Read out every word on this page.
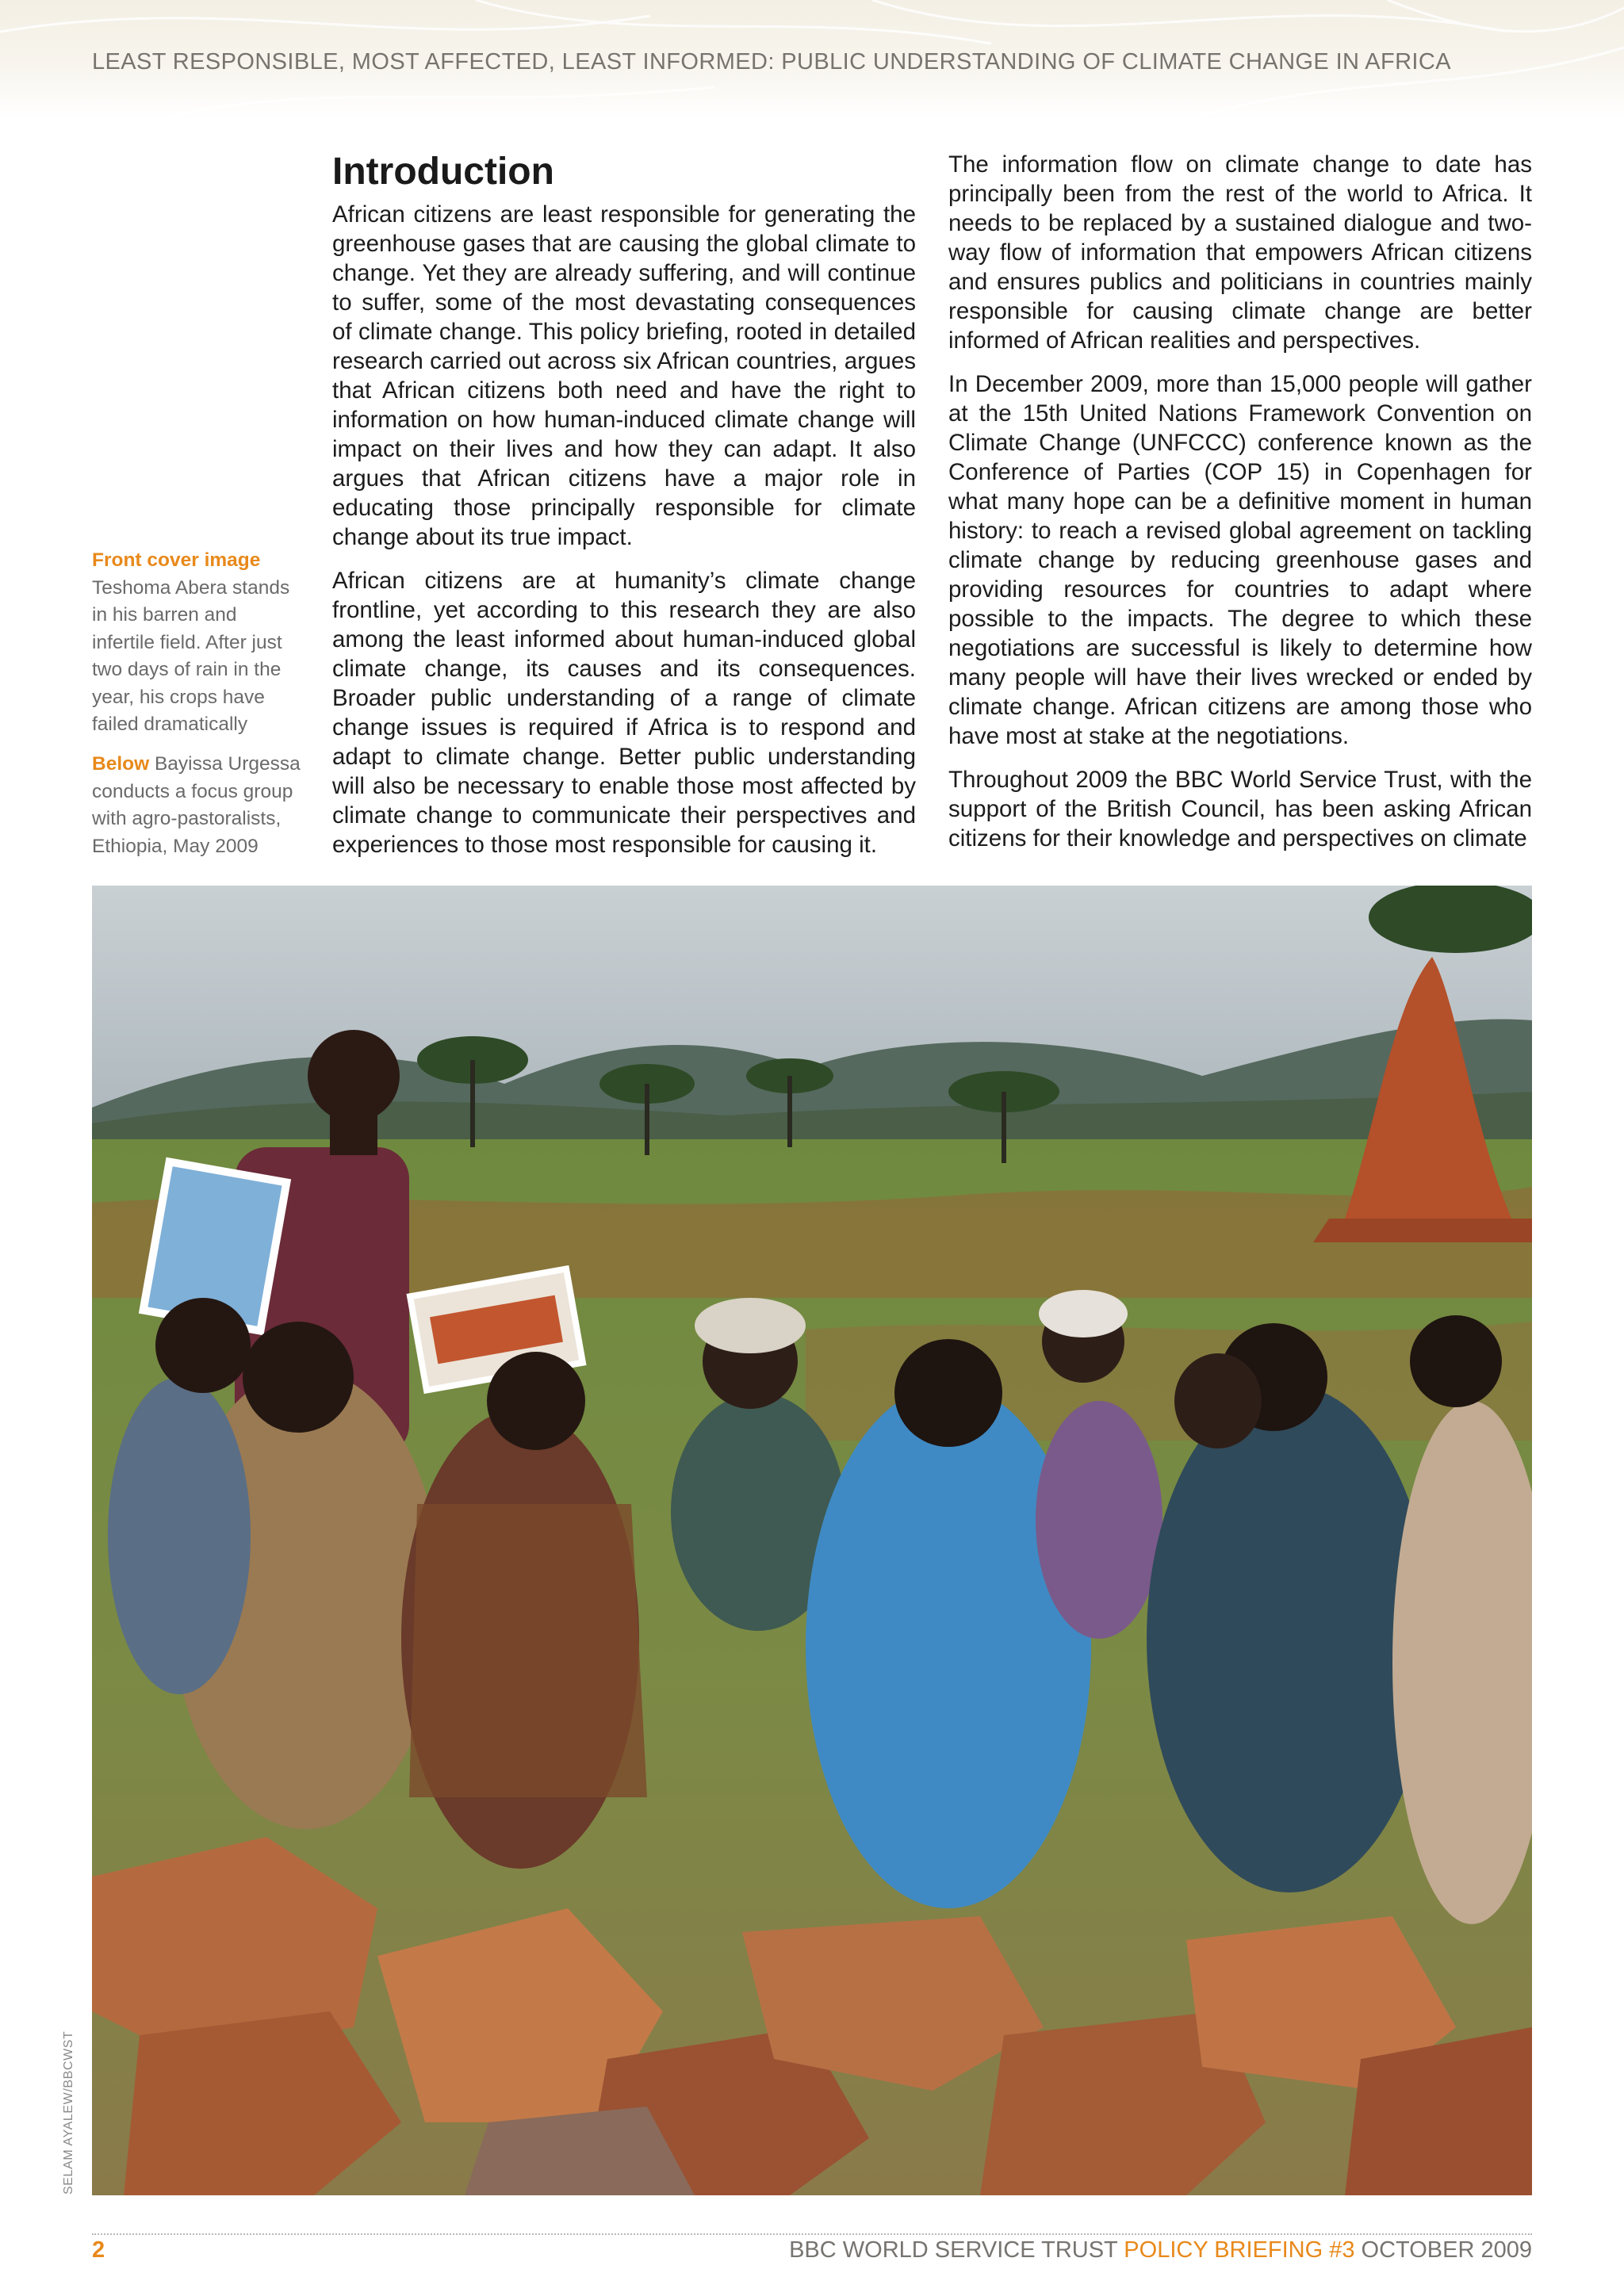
LEAST RESPONSIBLE, MOST AFFECTED, LEAST INFORMED: PUBLIC UNDERSTANDING OF CLIMATE CHANGE IN AFRICA
Front cover image
Teshoma Abera stands in his barren and infertile field. After just two days of rain in the year, his crops have failed dramatically
Below Bayissa Urgessa conducts a focus group with agro-pastoralists, Ethiopia, May 2009
Introduction

African citizens are least responsible for generating the greenhouse gases that are causing the global climate to change. Yet they are already suffering, and will continue to suffer, some of the most devastating consequences of climate change. This policy briefing, rooted in detailed research carried out across six African countries, argues that African citizens both need and have the right to information on how human-induced climate change will impact on their lives and how they can adapt. It also argues that African citizens have a major role in educating those principally responsible for climate change about its true impact.

African citizens are at humanity’s climate change frontline, yet according to this research they are also among the least informed about human-induced global climate change, its causes and its consequences. Broader public understanding of a range of climate change issues is required if Africa is to respond and adapt to climate change. Better public understanding will also be necessary to enable those most affected by climate change to communicate their perspectives and experiences to those most responsible for causing it.

The information flow on climate change to date has principally been from the rest of the world to Africa. It needs to be replaced by a sustained dialogue and two-way flow of information that empowers African citizens and ensures publics and politicians in countries mainly responsible for causing climate change are better informed of African realities and perspectives.

In December 2009, more than 15,000 people will gather at the 15th United Nations Framework Convention on Climate Change (UNFCCC) conference known as the Conference of Parties (COP 15) in Copenhagen for what many hope can be a definitive moment in human history: to reach a revised global agreement on tackling climate change by reducing greenhouse gases and providing resources for countries to adapt where possible to the impacts. The degree to which these negotiations are successful is likely to determine how many people will have their lives wrecked or ended by climate change. African citizens are among those who have most at stake at the negotiations.

Throughout 2009 the BBC World Service Trust, with the support of the British Council, has been asking African citizens for their knowledge and perspectives on climate

SELAM AYALEW/BBCWST
2	BBC WORLD SERVICE TRUST POLICY BRIEFING #3 OCTOBER 2009
